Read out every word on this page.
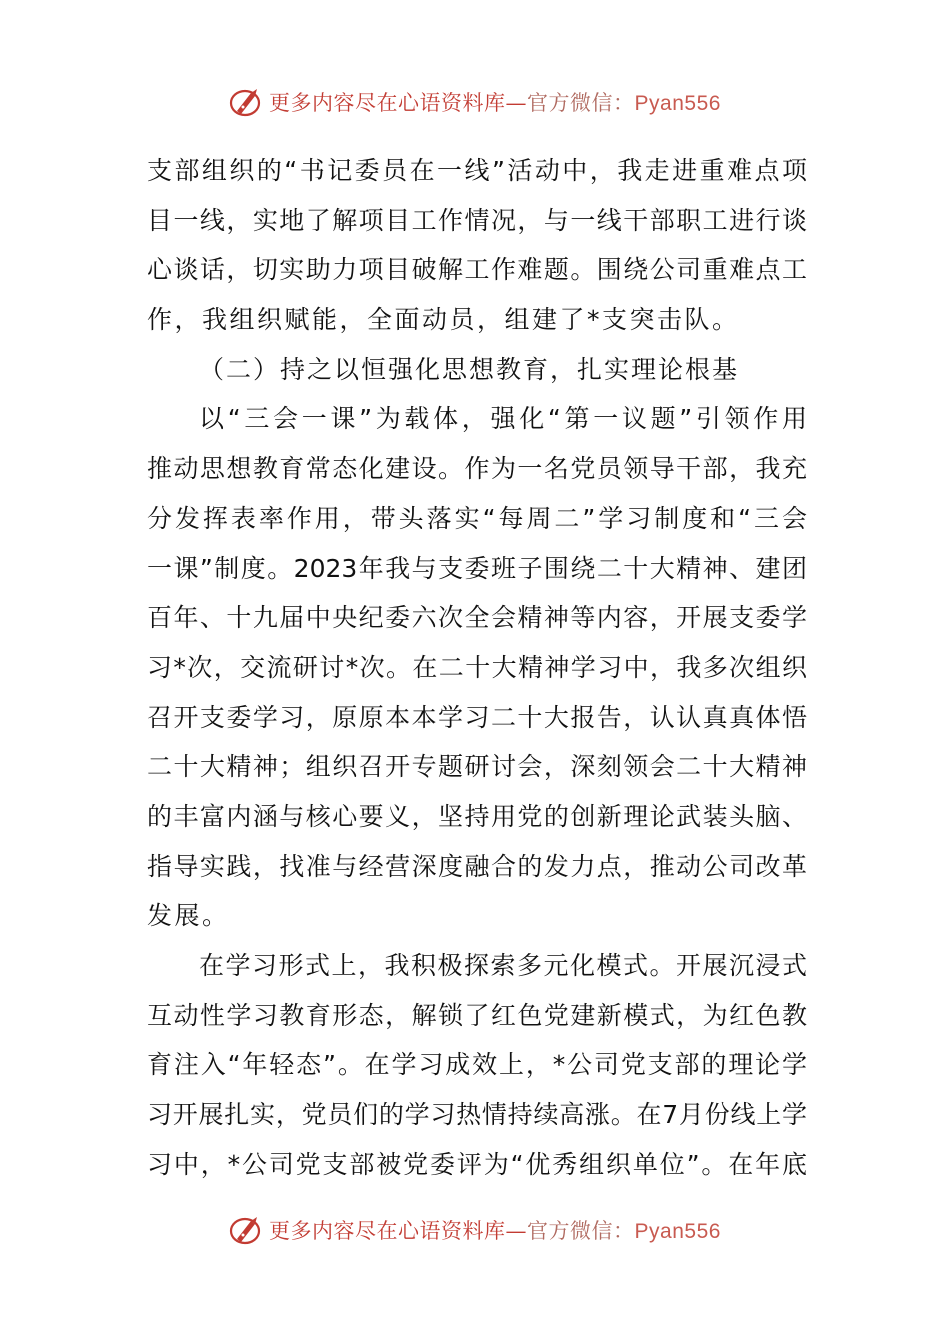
更多内容尽在心语资料库—官方微信：Pyan556
支部组织的“书记委员在一线”活动中，我走进重难点项
目一线，实地了解项目工作情况，与一线干部职工进行谈
心谈话，切实助力项目破解工作难题。围绕公司重难点工
作，我组织赋能，全面动员，组建了*支突击队。
（二）持之以恒强化思想教育，扎实理论根基
以“三会一课”为载体，强化“第一议题”引领作用
推动思想教育常态化建设。作为一名党员领导干部，我充
分发挥表率作用，带头落实“每周二”学习制度和“三会
一课”制度。2023年我与支委班子围绕二十大精神、建团
百年、十九届中央纪委六次全会精神等内容，开展支委学
习*次，交流研讨*次。在二十大精神学习中，我多次组织
召开支委学习，原原本本学习二十大报告，认认真真体悟
二十大精神；组织召开专题研讨会，深刻领会二十大精神
的丰富内涵与核心要义，坚持用党的创新理论武装头脑、
指导实践，找准与经营深度融合的发力点，推动公司改革
发展。
在学习形式上，我积极探索多元化模式。开展沉浸式
互动性学习教育形态，解锁了红色党建新模式，为红色教
育注入“年轻态”。在学习成效上，*公司党支部的理论学
习开展扎实，党员们的学习热情持续高涨。在7月份线上学
习中，*公司党支部被党委评为“优秀组织单位”。在年底
更多内容尽在心语资料库—官方微信：Pyan556
